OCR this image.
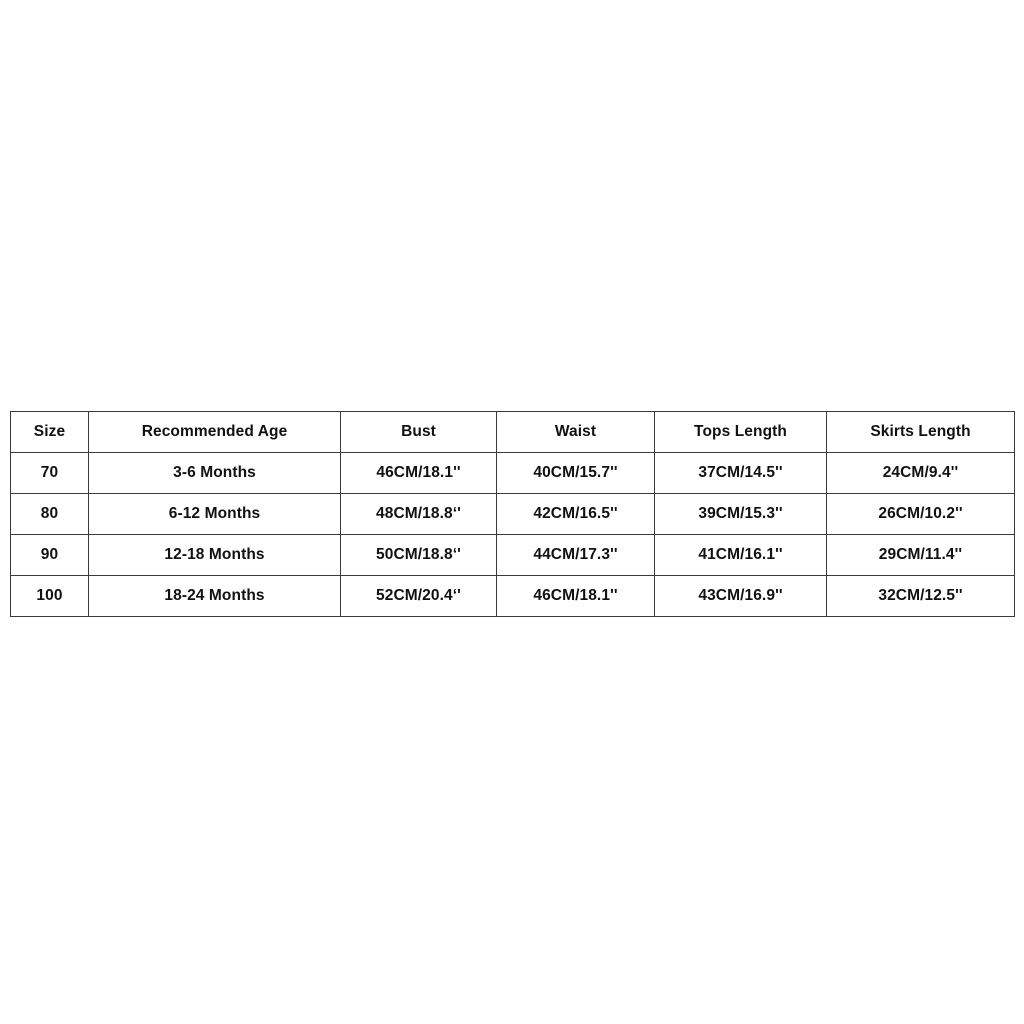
Size	Recommended Age	Bust	Waist	Tops Length	Skirts Length
70	3-6 Months	46CM/18.1''	40CM/15.7''	37CM/14.5''	24CM/9.4''
80	6-12 Months	48CM/18.8‘'	42CM/16.5''	39CM/15.3''	26CM/10.2''
90	12-18 Months	50CM/18.8‘'	44CM/17.3''	41CM/16.1''	29CM/11.4''
100	18-24 Months	52CM/20.4‘'	46CM/18.1''	43CM/16.9''	32CM/12.5''
